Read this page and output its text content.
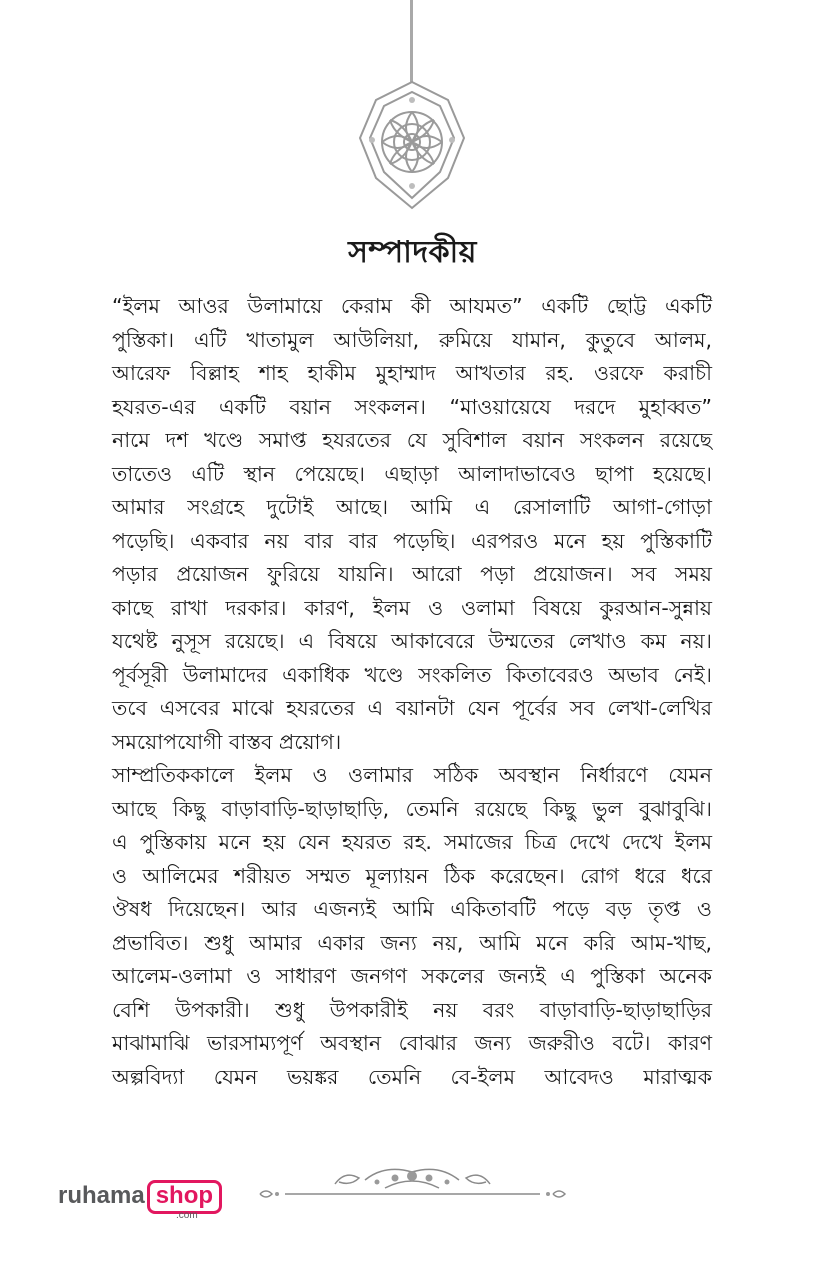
সম্পাদকীয়

“ইলম আওর উলামায়ে কেরাম কী আযমত” একটি ছোট্ট একটি
পুস্তিকা। এটি খাতামুল আউলিয়া, রুমিয়ে যামান, কুতুবে আলম,
আরেফ বিল্লাহ শাহ হাকীম মুহাম্মাদ আখতার রহ. ওরফে করাচী
হযরত-এর একটি বয়ান সংকলন। “মাওয়ায়েযে দরদে মুহাব্বত”
নামে দশ খণ্ডে সমাপ্ত হযরতের যে সুবিশাল বয়ান সংকলন রয়েছে
তাতেও এটি স্থান পেয়েছে। এছাড়া আলাদাভাবেও ছাপা হয়েছে।
আমার সংগ্রহে দুটোই আছে। আমি এ রেসালাটি আগা-গোড়া
পড়েছি। একবার নয় বার বার পড়েছি। এরপরও মনে হয় পুস্তিকাটি
পড়ার প্রয়োজন ফুরিয়ে যায়নি। আরো পড়া প্রয়োজন। সব সময়
কাছে রাখা দরকার। কারণ, ইলম ও ওলামা বিষয়ে কুরআন-সুন্নায়
যথেষ্ট নুসূস রয়েছে। এ বিষয়ে আকাবেরে উম্মতের লেখাও কম নয়।
পূর্বসূরী উলামাদের একাধিক খণ্ডে সংকলিত কিতাবেরও অভাব নেই।
তবে এসবের মাঝে হযরতের এ বয়ানটা যেন পূর্বের সব লেখা-লেখির
সময়োপযোগী বাস্তব প্রয়োগ।

সাম্প্রতিককালে ইলম ও ওলামার সঠিক অবস্থান নির্ধারণে যেমন
আছে কিছু বাড়াবাড়ি-ছাড়াছাড়ি, তেমনি রয়েছে কিছু ভুল বুঝাবুঝি।
এ পুস্তিকায় মনে হয় যেন হযরত রহ. সমাজের চিত্র দেখে দেখে ইলম
ও আলিমের শরীয়ত সম্মত মূল্যায়ন ঠিক করেছেন। রোগ ধরে ধরে
ঔষধ দিয়েছেন। আর এজন্যই আমি একিতাবটি পড়ে বড় তৃপ্ত ও
প্রভাবিত। শুধু আমার একার জন্য নয়, আমি মনে করি আম-খাছ,
আলেম-ওলামা ও সাধারণ জনগণ সকলের জন্যই এ পুস্তিকা অনেক
বেশি উপকারী। শুধু উপকারীই নয় বরং বাড়াবাড়ি-ছাড়াছাড়ির
মাঝামাঝি ভারসাম্যপূর্ণ অবস্থান বোঝার জন্য জরুরীও বটে। কারণ
অল্পবিদ্যা যেমন ভয়ঙ্কর তেমনি বে-ইলম আবেদও মারাত্মক

ruhama shop
.com
